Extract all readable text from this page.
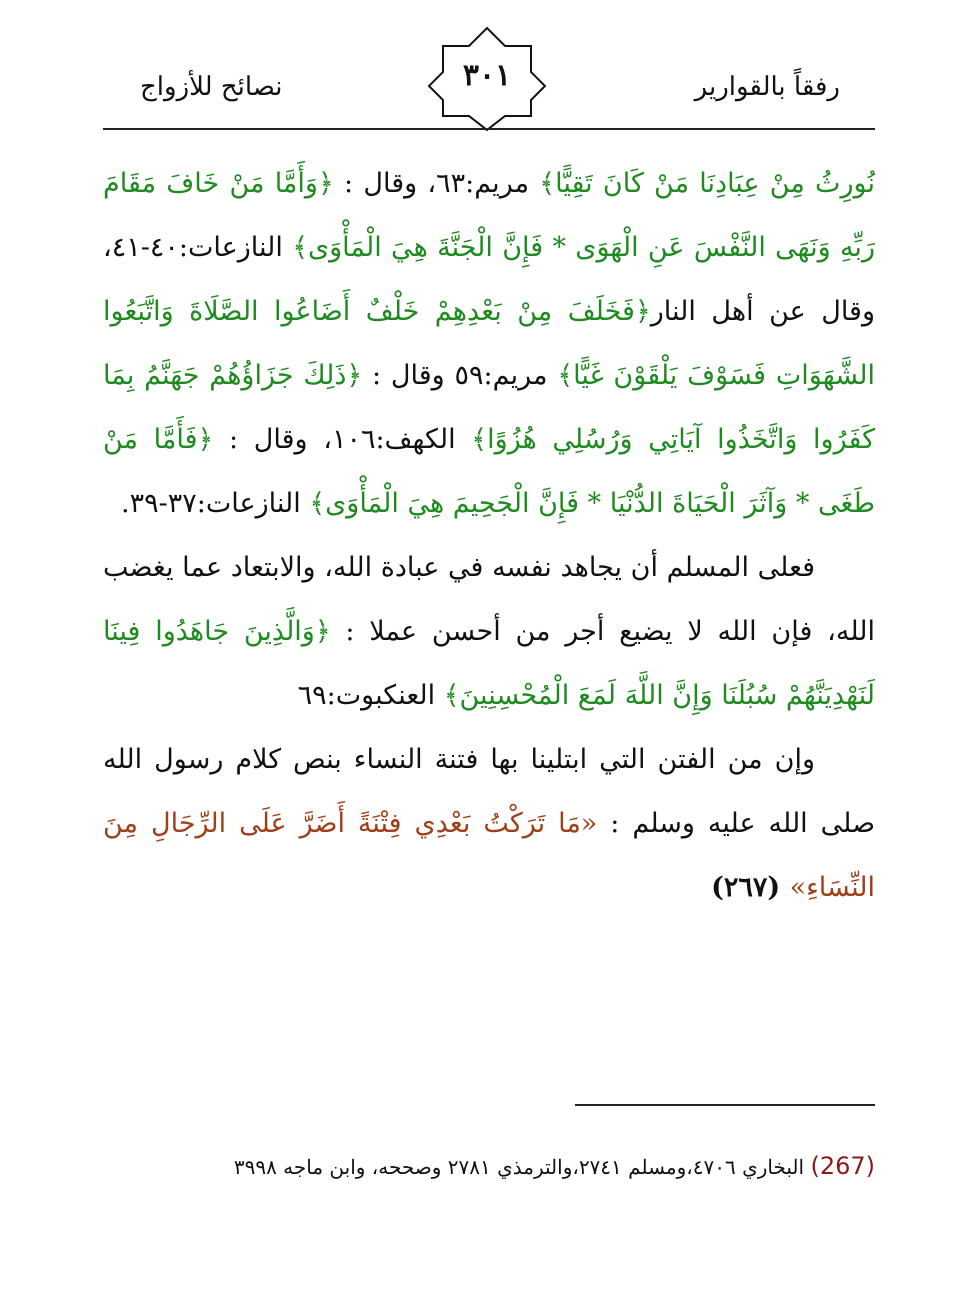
رفقاً بالقوارير
٣٠١
نصائح للأزواج

نُورِثُ مِنْ عِبَادِنَا مَنْ كَانَ تَقِيًّا﴾ مريم:٦٣، وقال : ﴿وَأَمَّا مَنْ خَافَ مَقَامَ رَبِّهِ وَنَهَى النَّفْسَ عَنِ الْهَوَى * فَإِنَّ الْجَنَّةَ هِيَ الْمَأْوَى﴾ النازعات:٤٠-٤١، وقال عن أهل النار﴿فَخَلَفَ مِنْ بَعْدِهِمْ خَلْفٌ أَضَاعُوا الصَّلَاةَ وَاتَّبَعُوا الشَّهَوَاتِ فَسَوْفَ يَلْقَوْنَ غَيًّا﴾ مريم:٥٩ وقال : ﴿ذَلِكَ جَزَاؤُهُمْ جَهَنَّمُ بِمَا كَفَرُوا وَاتَّخَذُوا آيَاتِي وَرُسُلِي هُزُوًا﴾ الكهف:١٠٦، وقال : ﴿فَأَمَّا مَنْ طَغَى * وَآثَرَ الْحَيَاةَ الدُّنْيَا * فَإِنَّ الْجَحِيمَ هِيَ الْمَأْوَى﴾ النازعات:٣٧-٣٩.

فعلى المسلم أن يجاهد نفسه في عبادة الله، والابتعاد عما يغضب الله، فإن الله لا يضيع أجر من أحسن عملا : ﴿وَالَّذِينَ جَاهَدُوا فِينَا لَنَهْدِيَنَّهُمْ سُبُلَنَا وَإِنَّ اللَّهَ لَمَعَ الْمُحْسِنِينَ﴾ العنكبوت:٦٩

وإن من الفتن التي ابتلينا بها فتنة النساء بنص كلام رسول الله صلى الله عليه وسلم : «مَا تَرَكْتُ بَعْدِي فِتْنَةً أَضَرَّ عَلَى الرِّجَالِ مِنَ النِّسَاءِ» (٢٦٧)

(267) البخاري ٤٧٠٦،ومسلم ٢٧٤١،والترمذي ٢٧٨١ وصححه، وابن ماجه ٣٩٩٨
